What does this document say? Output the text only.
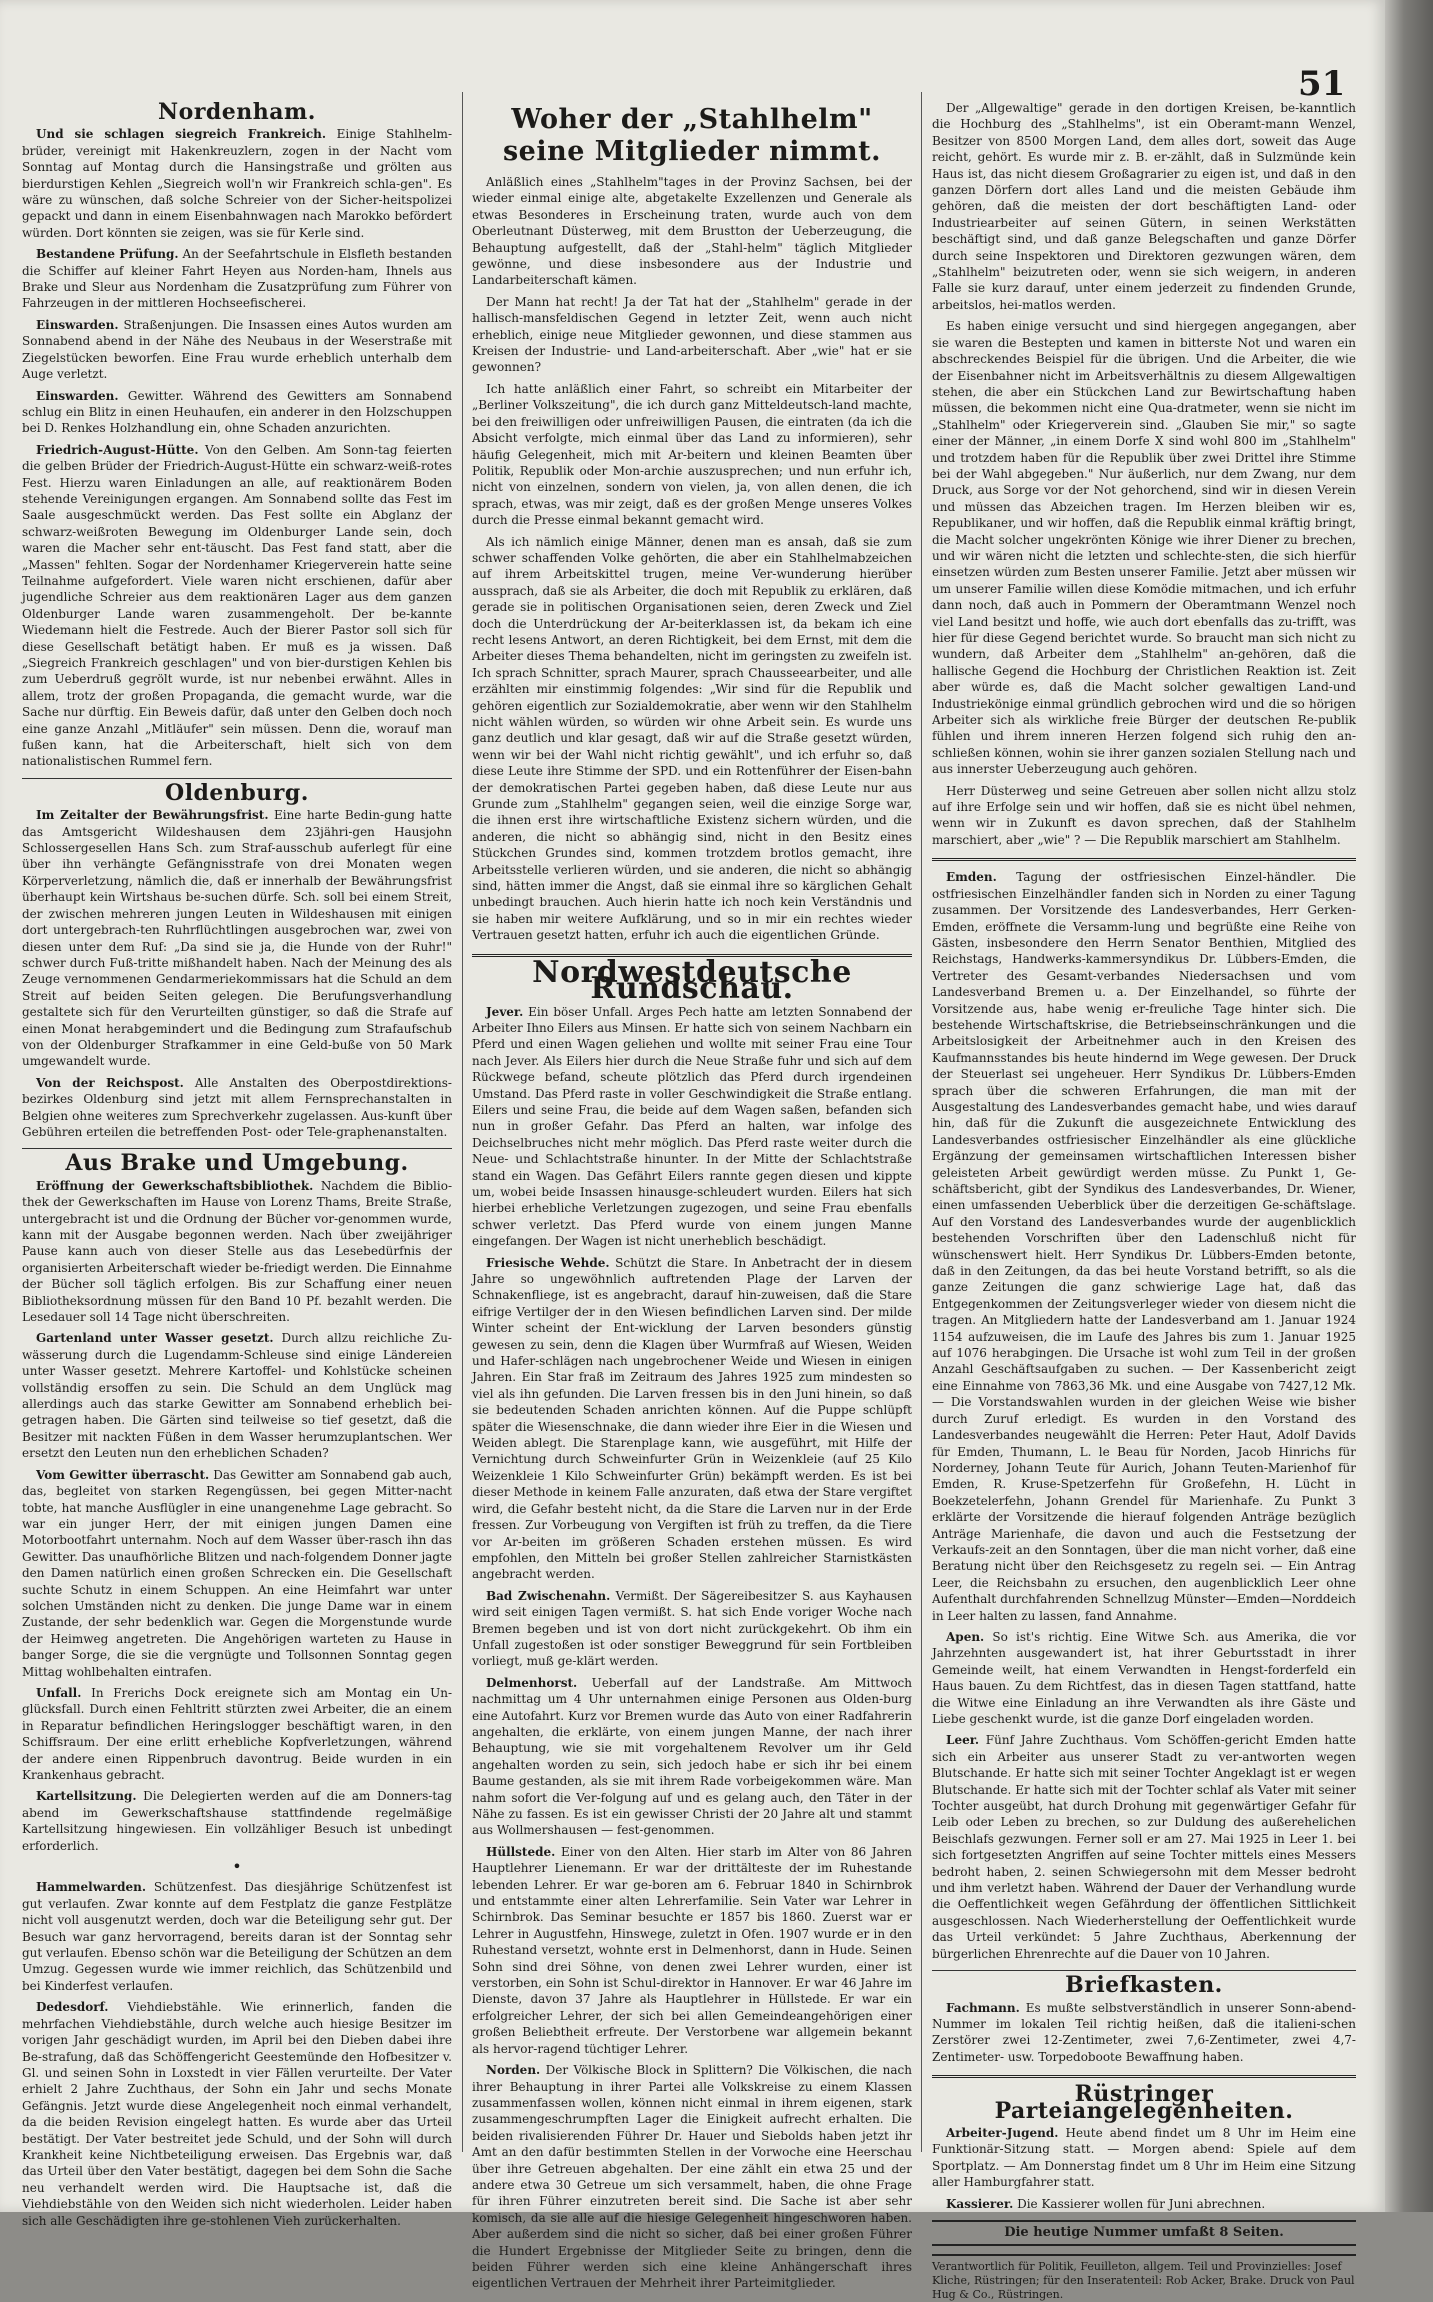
51
Nordenham.

Und sie schlagen siegreich Frankreich. Einige Stahlhelm-brüder, vereinigt mit Hakenkreuzlern, zogen in der Nacht vom Sonntag auf Montag durch die Hansingstraße und grölten aus bierdurstigen Kehlen „Siegreich woll'n wir Frankreich schla-gen". Es wäre zu wünschen, daß solche Schreier von der Sicher-heitspolizei gepackt und dann in einem Eisenbahnwagen nach Marokko befördert würden. Dort könnten sie zeigen, was sie für Kerle sind.

Bestandene Prüfung. An der Seefahrtschule in Elsfleth bestanden die Schiffer auf kleiner Fahrt Heyen aus Norden-ham, Ihnels aus Brake und Sleur aus Nordenham die Zusatzprüfung zum Führer von Fahrzeugen in der mittleren Hochseefischerei.

Einswarden. Straßenjungen. Die Insassen eines Autos wurden am Sonnabend abend in der Nähe des Neubaus in der Weserstraße mit Ziegelstücken beworfen. Eine Frau wurde erheblich unterhalb dem Auge verletzt.

Einswarden. Gewitter. Während des Gewitters am Sonnabend schlug ein Blitz in einen Heuhaufen, ein anderer in den Holzschuppen bei D. Renkes Holzhandlung ein, ohne Schaden anzurichten.

Friedrich-August-Hütte. Von den Gelben. Am Sonn-tag feierten die gelben Brüder der Friedrich-August-Hütte ein schwarz-weiß-rotes Fest. Hierzu waren Einladungen an alle, auf reaktionärem Boden stehende Vereinigungen ergangen. Am Sonnabend sollte das Fest im Saale ausgeschmückt werden. Das Fest sollte ein Abglanz der schwarz-weißroten Bewegung im Oldenburger Lande sein, doch waren die Macher sehr ent-täuscht. Das Fest fand statt, aber die „Massen" fehlten. Sogar der Nordenhamer Kriegerverein hatte seine Teilnahme aufgefordert. Viele waren nicht erschienen, dafür aber jugendliche Schreier aus dem reaktionären Lager aus dem ganzen Oldenburger Lande waren zusammengeholt. Der be-kannte Wiedemann hielt die Festrede. Auch der Bierer Pastor soll sich für diese Gesellschaft betätigt haben. Er muß es ja wissen. Daß „Siegreich Frankreich geschlagen" und von bier-durstigen Kehlen bis zum Ueberdruß gegrölt wurde, ist nur nebenbei erwähnt. Alles in allem, trotz der großen Propaganda, die gemacht wurde, war die Sache nur dürftig. Ein Beweis dafür, daß unter den Gelben doch noch eine ganze Anzahl „Mitläufer" sein müssen. Denn die, worauf man fußen kann, hat die Arbeiterschaft, hielt sich von dem nationalistischen Rummel fern.

Oldenburg.

Im Zeitalter der Bewährungsfrist. Eine harte Bedin-gung hatte das Amtsgericht Wildeshausen dem 23jähri-gen Hausjohn Schlossergesellen Hans Sch. zum Straf-ausschub auferlegt für eine über ihn verhängte Gefängnisstrafe von drei Monaten wegen Körperverletzung, nämlich die, daß er innerhalb der Bewährungsfrist überhaupt kein Wirtshaus be-suchen dürfe. Sch. soll bei einem Streit, der zwischen mehreren jungen Leuten in Wildeshausen mit einigen dort untergebrach-ten Ruhrflüchtlingen ausgebrochen war, zwei von diesen unter dem Ruf: „Da sind sie ja, die Hunde von der Ruhr!" schwer durch Fuß-tritte mißhandelt haben. Nach der Meinung des als Zeuge vernommenen Gendarmeriekommissars hat die Schuld an dem Streit auf beiden Seiten gelegen. Die Berufungsverhandlung gestaltete sich für den Verurteilten günstiger, so daß die Strafe auf einen Monat herabgemindert und die Bedingung zum Strafaufschub von der Oldenburger Strafkammer in eine Geld-buße von 50 Mark umgewandelt wurde.

Von der Reichspost. Alle Anstalten des Oberpostdirektions-bezirkes Oldenburg sind jetzt mit allem Fernsprechanstalten in Belgien ohne weiteres zum Sprechverkehr zugelassen. Aus-kunft über Gebühren erteilen die betreffenden Post- oder Tele-graphenanstalten.

Aus Brake und Umgebung.

Eröffnung der Gewerkschaftsbibliothek. Nachdem die Biblio-thek der Gewerkschaften im Hause von Lorenz Thams, Breite Straße, untergebracht ist und die Ordnung der Bücher vor-genommen wurde, kann mit der Ausgabe begonnen werden. Nach über zweijähriger Pause kann auch von dieser Stelle aus das Lesebedürfnis der organisierten Arbeiterschaft wieder be-friedigt werden. Die Einnahme der Bücher soll täglich erfolgen. Bis zur Schaffung einer neuen Bibliotheksordnung müssen für den Band 10 Pf. bezahlt werden. Die Lesedauer soll 14 Tage nicht überschreiten.

Gartenland unter Wasser gesetzt. Durch allzu reichliche Zu-wässerung durch die Lugendamm-Schleuse sind einige Ländereien unter Wasser gesetzt. Mehrere Kartoffel- und Kohlstücke scheinen vollständig ersoffen zu sein. Die Schuld an dem Unglück mag allerdings auch das starke Gewitter am Sonnabend erheblich bei-getragen haben. Die Gärten sind teilweise so tief gesetzt, daß die Besitzer mit nackten Füßen in dem Wasser herumzuplantschen. Wer ersetzt den Leuten nun den erheblichen Schaden?

Vom Gewitter überrascht. Das Gewitter am Sonnabend gab auch, das, begleitet von starken Regengüssen, bei gegen Mitter-nacht tobte, hat manche Ausflügler in eine unangenehme Lage gebracht. So war ein junger Herr, der mit einigen jungen Damen eine Motorbootfahrt unternahm. Noch auf dem Wasser über-rasch ihn das Gewitter. Das unaufhörliche Blitzen und nach-folgendem Donner jagte den Damen natürlich einen großen Schrecken ein. Die Gesellschaft suchte Schutz in einem Schuppen. An eine Heimfahrt war unter solchen Umständen nicht zu denken. Die junge Dame war in einem Zustande, der sehr bedenklich war. Gegen die Morgenstunde wurde der Heimweg angetreten. Die Angehörigen warteten zu Hause in banger Sorge, die sie die vergnügte und Tollsonnen Sonntag gegen Mittag wohlbehalten eintrafen.

Unfall. In Frerichs Dock ereignete sich am Montag ein Un-glücksfall. Durch einen Fehltritt stürzten zwei Arbeiter, die an einem in Reparatur befindlichen Heringslogger beschäftigt waren, in den Schiffsraum. Der eine erlitt erhebliche Kopfverletzungen, während der andere einen Rippenbruch davontrug. Beide wurden in ein Krankenhaus gebracht.

Kartellsitzung. Die Delegierten werden auf die am Donners-tag abend im Gewerkschaftshause stattfindende regelmäßige Kartellsitzung hingewiesen. Ein vollzähliger Besuch ist unbedingt erforderlich.

•

Hammelwarden. Schützenfest. Das diesjährige Schützenfest ist gut verlaufen. Zwar konnte auf dem Festplatz die ganze Festplätze nicht voll ausgenutzt werden, doch war die Beteiligung sehr gut. Der Besuch war ganz hervorragend, bereits daran ist der Sonntag sehr gut verlaufen. Ebenso schön war die Beteiligung der Schützen an dem Umzug. Gegessen wurde wie immer reichlich, das Schützenbild und bei Kinderfest verlaufen.

Dedesdorf. Viehdiebstähle. Wie erinnerlich, fanden die mehrfachen Viehdiebstähle, durch welche auch hiesige Besitzer im vorigen Jahr geschädigt wurden, im April bei den Dieben dabei ihre Be-strafung, daß das Schöffengericht Geestemünde den Hofbesitzer v. Gl. und seinen Sohn in Loxstedt in vier Fällen verurteilte. Der Vater erhielt 2 Jahre Zuchthaus, der Sohn ein Jahr und sechs Monate Gefängnis. Jetzt wurde diese Angelegenheit noch einmal verhandelt, da die beiden Revision eingelegt hatten. Es wurde aber das Urteil bestätigt. Der Vater bestreitet jede Schuld, und der Sohn will durch Krankheit keine Nichtbeteiligung erweisen. Das Ergebnis war, daß das Urteil über den Vater bestätigt, dagegen bei dem Sohn die Sache neu verhandelt werden wird. Die Hauptsache ist, daß die Viehdiebstähle von den Weiden sich nicht wiederholen. Leider haben sich alle Geschädigten ihre ge-stohlenen Vieh zurückerhalten.

Woher der „Stahlhelm" seine Mitglieder nimmt.

Anläßlich eines „Stahlhelm"tages in der Provinz Sachsen, bei der wieder einmal einige alte, abgetakelte Exzellenzen und Generale als etwas Besonderes in Erscheinung traten, wurde auch von dem Oberleutnant Düsterweg, mit dem Brustton der Ueberzeugung, die Behauptung aufgestellt, daß der „Stahl-helm" täglich Mitglieder gewönne, und diese insbesondere aus der Industrie und Landarbeiterschaft kämen.

Der Mann hat recht! Ja der Tat hat der „Stahlhelm" gerade in der hallisch-mansfeldischen Gegend in letzter Zeit, wenn auch nicht erheblich, einige neue Mitglieder gewonnen, und diese stammen aus Kreisen der Industrie- und Land-arbeiterschaft. Aber „wie" hat er sie gewonnen?

Ich hatte anläßlich einer Fahrt, so schreibt ein Mitarbeiter der „Berliner Volkszeitung", die ich durch ganz Mitteldeutsch-land machte, bei den freiwilligen oder unfreiwilligen Pausen, die eintraten (da ich die Absicht verfolgte, mich einmal über das Land zu informieren), sehr häufig Gelegenheit, mich mit Ar-beitern und kleinen Beamten über Politik, Republik oder Mon-archie auszusprechen; und nun erfuhr ich, nicht von einzelnen, sondern von vielen, ja, von allen denen, die ich sprach, etwas, was mir zeigt, daß es der großen Menge unseres Volkes durch die Presse einmal bekannt gemacht wird.

Als ich nämlich einige Männer, denen man es ansah, daß sie zum schwer schaffenden Volke gehörten, die aber ein Stahlhelmabzeichen auf ihrem Arbeitskittel trugen, meine Ver-wunderung hierüber aussprach, daß sie als Arbeiter, die doch mit Republik zu erklären, daß gerade sie in politischen Organisationen seien, deren Zweck und Ziel doch die Unterdrückung der Ar-beiterklassen ist, da bekam ich eine recht lesens Antwort, an deren Richtigkeit, bei dem Ernst, mit dem die Arbeiter dieses Thema behandelten, nicht im geringsten zu zweifeln ist. Ich sprach Schnitter, sprach Maurer, sprach Chausseearbeiter, und alle erzählten mir einstimmig folgendes: „Wir sind für die Republik und gehören eigentlich zur Sozialdemokratie, aber wenn wir den Stahlhelm nicht wählen würden, so würden wir ohne Arbeit sein. Es wurde uns ganz deutlich und klar gesagt, daß wir auf die Straße gesetzt würden, wenn wir bei der Wahl nicht richtig gewählt", und ich erfuhr so, daß diese Leute ihre Stimme der SPD. und ein Rottenführer der Eisen-bahn der demokratischen Partei gegeben haben, daß diese Leute nur aus Grunde zum „Stahlhelm" gegangen seien, weil die einzige Sorge war, die ihnen erst ihre wirtschaftliche Existenz sichern würden, und die anderen, die nicht so abhängig sind, nicht in den Besitz eines Stückchen Grundes sind, kommen trotzdem brotlos gemacht, ihre Arbeitsstelle verlieren würden, und sie anderen, die nicht so abhängig sind, hätten immer die Angst, daß sie einmal ihre so kärglichen Gehalt unbedingt brauchen. Auch hierin hatte ich noch kein Verständnis und sie haben mir weitere Aufklärung, und so in mir ein rechtes wieder Vertrauen gesetzt hatten, erfuhr ich auch die eigentlichen Gründe.

Nordwestdeutsche Rundschau.

Jever. Ein böser Unfall. Arges Pech hatte am letzten Sonnabend der Arbeiter Ihno Eilers aus Minsen. Er hatte sich von seinem Nachbarn ein Pferd und einen Wagen geliehen und wollte mit seiner Frau eine Tour nach Jever. Als Eilers hier durch die Neue Straße fuhr und sich auf dem Rückwege befand, scheute plötzlich das Pferd durch irgendeinen Umstand. Das Pferd raste in voller Geschwindigkeit die Straße entlang. Eilers und seine Frau, die beide auf dem Wagen saßen, befanden sich nun in großer Gefahr. Das Pferd an halten, war infolge des Deichselbruches nicht mehr möglich. Das Pferd raste weiter durch die Neue- und Schlachtstraße hinunter. In der Mitte der Schlachtstraße stand ein Wagen. Das Gefährt Eilers rannte gegen diesen und kippte um, wobei beide Insassen hinausge-schleudert wurden. Eilers hat sich hierbei erhebliche Verletzungen zugezogen, und seine Frau ebenfalls schwer verletzt. Das Pferd wurde von einem jungen Manne eingefangen. Der Wagen ist nicht unerheblich beschädigt.

Friesische Wehde. Schützt die Stare. In Anbetracht der in diesem Jahre so ungewöhnlich auftretenden Plage der Larven der Schnakenfliege, ist es angebracht, darauf hin-zuweisen, daß die Stare eifrige Vertilger der in den Wiesen befindlichen Larven sind. Der milde Winter scheint der Ent-wicklung der Larven besonders günstig gewesen zu sein, denn die Klagen über Wurmfraß auf Wiesen, Weiden und Hafer-schlägen nach ungebrochener Weide und Wiesen in einigen Jahren. Ein Star fraß im Zeitraum des Jahres 1925 zum mindesten so viel als ihn gefunden. Die Larven fressen bis in den Juni hinein, so daß sie bedeutenden Schaden anrichten können. Auf die Puppe schlüpft später die Wiesenschnake, die dann wieder ihre Eier in die Wiesen und Weiden ablegt. Die Starenplage kann, wie ausgeführt, mit Hilfe der Vernichtung durch Schweinfurter Grün in Weizenkleie (auf 25 Kilo Weizenkleie 1 Kilo Schweinfurter Grün) bekämpft werden. Es ist bei dieser Methode in keinem Falle anzuraten, daß etwa der Stare vergiftet wird, die Gefahr besteht nicht, da die Stare die Larven nur in der Erde fressen. Zur Vorbeugung von Vergiften ist früh zu treffen, da die Tiere vor Ar-beiten im größeren Schaden erstehen müssen. Es wird empfohlen, den Mitteln bei großer Stellen zahlreicher Starnistkästen angebracht werden.

Bad Zwischenahn. Vermißt. Der Sägereibesitzer S. aus Kayhausen wird seit einigen Tagen vermißt. S. hat sich Ende voriger Woche nach Bremen begeben und ist von dort nicht zurückgekehrt. Ob ihm ein Unfall zugestoßen ist oder sonstiger Beweggrund für sein Fortbleiben vorliegt, muß ge-klärt werden.

Delmenhorst. Ueberfall auf der Landstraße. Am Mittwoch nachmittag um 4 Uhr unternahmen einige Personen aus Olden-burg eine Autofahrt. Kurz vor Bremen wurde das Auto von einer Radfahrerin angehalten, die erklärte, von einem jungen Manne, der nach ihrer Behauptung, wie sie mit vorgehaltenem Revolver um ihr Geld angehalten worden zu sein, sich jedoch habe er sich ihr bei einem Baume gestanden, als sie mit ihrem Rade vorbeigekommen wäre. Man nahm sofort die Ver-folgung auf und es gelang auch, den Täter in der Nähe zu fassen. Es ist ein gewisser Christi der 20 Jahre alt und stammt aus Wollmershausen — fest-genommen.

Hüllstede. Einer von den Alten. Hier starb im Alter von 86 Jahren Hauptlehrer Lienemann. Er war der drittälteste der im Ruhestande lebenden Lehrer. Er war ge-boren am 6. Februar 1840 in Schirnbrok und entstammte einer alten Lehrerfamilie. Sein Vater war Lehrer in Schirnbrok. Das Seminar besuchte er 1857 bis 1860. Zuerst war er Lehrer in Augustfehn, Hinswege, zuletzt in Ofen. 1907 wurde er in den Ruhestand versetzt, wohnte erst in Delmenhorst, dann in Hude. Seinen Sohn sind drei Söhne, von denen zwei Lehrer wurden, einer ist verstorben, ein Sohn ist Schul-direktor in Hannover. Er war 46 Jahre im Dienste, davon 37 Jahre als Hauptlehrer in Hüllstede. Er war ein erfolgreicher Lehrer, der sich bei allen Gemeindeangehörigen einer großen Beliebtheit erfreute. Der Verstorbene war allgemein bekannt als hervor-ragend tüchtiger Lehrer.

Norden. Der Völkische Block in Splittern? Die Völkischen, die nach ihrer Behauptung in ihrer Partei alle Volkskreise zu einem Klassen zusammenfassen wollen, können nicht einmal in ihrem eigenen, stark zusammengeschrumpften Lager die Einigkeit aufrecht erhalten. Die beiden rivalisierenden Führer Dr. Hauer und Siebolds haben jetzt ihr Amt an den dafür bestimmten Stellen in der Vorwoche eine Heerschau über ihre Getreuen abgehalten. Der eine zählt ein etwa 25 und der andere etwa 30 Getreue um sich versammelt, haben, die ohne Frage für ihren Führer einzutreten bereit sind. Die Sache ist aber sehr komisch, da sie alle auf die hiesige Gelegenheit hingeschworen haben. Aber außerdem sind die nicht so sicher, daß bei einer großen Führer die Hundert Ergebnisse der Mitglieder Seite zu bringen, denn die beiden Führer werden sich eine kleine Anhängerschaft ihres eigentlichen Vertrauen der Mehrheit ihrer Parteimitglieder.

Der „Allgewaltige" gerade in den dortigen Kreisen, be-kanntlich die Hochburg des „Stahlhelms", ist ein Oberamt-mann Wenzel, Besitzer von 8500 Morgen Land, dem alles dort, soweit das Auge reicht, gehört. Es wurde mir z. B. er-zählt, daß in Sulzmünde kein Haus ist, das nicht diesem Großagrarier zu eigen ist, und daß in den ganzen Dörfern dort alles Land und die meisten Gebäude ihm gehören, daß die meisten der dort beschäftigten Land- oder Industriearbeiter auf seinen Gütern, in seinen Werkstätten beschäftigt sind, und daß ganze Belegschaften und ganze Dörfer durch seine Inspektoren und Direktoren gezwungen wären, dem „Stahlhelm" beizutreten oder, wenn sie sich weigern, in anderen Falle sie kurz darauf, unter einem jederzeit zu findenden Grunde, arbeitslos, hei-matlos werden.

Es haben einige versucht und sind hiergegen angegangen, aber sie waren die Bestepten und kamen in bitterste Not und waren ein abschreckendes Beispiel für die übrigen. Und die Arbeiter, die wie der Eisenbahner nicht im Arbeitsverhältnis zu diesem Allgewaltigen stehen, die aber ein Stückchen Land zur Bewirtschaftung haben müssen, die bekommen nicht eine Qua-dratmeter, wenn sie nicht im „Stahlhelm" oder Kriegerverein sind. „Glauben Sie mir," so sagte einer der Männer, „in einem Dorfe X sind wohl 800 im „Stahlhelm" und trotzdem haben für die Republik über zwei Drittel ihre Stimme bei der Wahl abgegeben." Nur äußerlich, nur dem Zwang, nur dem Druck, aus Sorge vor der Not gehorchend, sind wir in diesen Verein und müssen das Abzeichen tragen. Im Herzen bleiben wir es, Republikaner, und wir hoffen, daß die Republik einmal kräftig bringt, die Macht solcher ungekrönten Könige wie ihrer Diener zu brechen, und wir wären nicht die letzten und schlechte-sten, die sich hierfür einsetzen würden zum Besten unserer Familie. Jetzt aber müssen wir um unserer Familie willen diese Komödie mitmachen, und ich erfuhr dann noch, daß auch in Pommern der Oberamtmann Wenzel noch viel Land besitzt und hoffe, wie auch dort ebenfalls das zu-trifft, was hier für diese Gegend berichtet wurde. So braucht man sich nicht zu wundern, daß Arbeiter dem „Stahlhelm" an-gehören, daß die hallische Gegend die Hochburg der Christlichen Reaktion ist. Zeit aber würde es, daß die Macht solcher gewaltigen Land-und Industriekönige einmal gründlich gebrochen wird und die so hörigen Arbeiter sich als wirkliche freie Bürger der deutschen Re-publik fühlen und ihrem inneren Herzen folgend sich ruhig den an-schließen können, wohin sie ihrer ganzen sozialen Stellung nach und aus innerster Ueberzeugung auch gehören.

Herr Düsterweg und seine Getreuen aber sollen nicht allzu stolz auf ihre Erfolge sein und wir hoffen, daß sie es nicht übel nehmen, wenn wir in Zukunft es davon sprechen, daß der Stahlhelm marschiert, aber „wie" ? — Die Republik marschiert am Stahlhelm.

Emden. Tagung der ostfriesischen Einzel-händler. Die ostfriesischen Einzelhändler fanden sich in Norden zu einer Tagung zusammen. Der Vorsitzende des Landesverbandes, Herr Gerken-Emden, eröffnete die Versamm-lung und begrüßte eine Reihe von Gästen, insbesondere den Herrn Senator Benthien, Mitglied des Reichstags, Handwerks-kammersyndikus Dr. Lübbers-Emden, die Vertreter des Gesamt-verbandes Niedersachsen und vom Landesverband Bremen u. a. Der Einzelhandel, so führte der Vorsitzende aus, habe wenig er-freuliche Tage hinter sich. Die bestehende Wirtschaftskrise, die Betriebseinschränkungen und die Arbeitslosigkeit der Arbeitnehmer auch in den Kreisen des Kaufmannsstandes bis heute hindernd im Wege gewesen. Der Druck der Steuerlast sei ungeheuer. Herr Syndikus Dr. Lübbers-Emden sprach über die schweren Erfahrungen, die man mit der Ausgestaltung des Landesverbandes gemacht habe, und wies darauf hin, daß für die Zukunft die ausgezeichnete Entwicklung des Landesverbandes ostfriesischer Einzelhändler als eine glückliche Ergänzung der gemeinsamen wirtschaftlichen Interessen bisher geleisteten Arbeit gewürdigt werden müsse. Zu Punkt 1, Ge-schäftsbericht, gibt der Syndikus des Landesverbandes, Dr. Wiener, einen umfassenden Ueberblick über die derzeitigen Ge-schäftslage. Auf den Vorstand des Landesverbandes wurde der augenblicklich bestehenden Vorschriften über den Ladenschluß nicht für wünschenswert hielt. Herr Syndikus Dr. Lübbers-Emden betonte, daß in den Zeitungen, da das bei heute Vorstand betrifft, so als die ganze Zeitungen die ganz schwierige Lage hat, daß das Entgegenkommen der Zeitungsverleger wieder von diesem nicht die tragen. An Mitgliedern hatte der Landesverband am 1. Januar 1924 1154 aufzuweisen, die im Laufe des Jahres bis zum 1. Januar 1925 auf 1076 herabgingen. Die Ursache ist wohl zum Teil in der großen Anzahl Geschäftsaufgaben zu suchen. — Der Kassenbericht zeigt eine Einnahme von 7863,36 Mk. und eine Ausgabe von 7427,12 Mk. — Die Vorstandswahlen wurden in der gleichen Weise wie bisher durch Zuruf erledigt. Es wurden in den Vorstand des Landesverbandes neugewählt die Herren: Peter Haut, Adolf Davids für Emden, Thumann, L. le Beau für Norden, Jacob Hinrichs für Norderney, Johann Teute für Aurich, Johann Teuten-Marienhof für Emden, R. Kruse-Spetzerfehn für Großefehn, H. Lücht in Boekzetelerfehn, Johann Grendel für Marienhafe. Zu Punkt 3 erklärte der Vorsitzende die hierauf folgenden Anträge bezüglich Anträge Marienhafe, die davon und auch die Festsetzung der Verkaufs-zeit an den Sonntagen, über die man nicht vorher, daß eine Beratung nicht über den Reichsgesetz zu regeln sei. — Ein Antrag Leer, die Reichsbahn zu ersuchen, den augenblicklich Leer ohne Aufenthalt durchfahrenden Schnellzug Münster—Emden—Norddeich in Leer halten zu lassen, fand Annahme.

Apen. So ist's richtig. Eine Witwe Sch. aus Amerika, die vor Jahrzehnten ausgewandert ist, hat ihrer Geburtsstadt in ihrer Gemeinde weilt, hat einem Verwandten in Hengst-forderfeld ein Haus bauen. Zu dem Richtfest, das in diesen Tagen stattfand, hatte die Witwe eine Einladung an ihre Verwandten als ihre Gäste und Liebe geschenkt wurde, ist die ganze Dorf eingeladen worden.

Leer. Fünf Jahre Zuchthaus. Vom Schöffen-gericht Emden hatte sich ein Arbeiter aus unserer Stadt zu ver-antworten wegen Blutschande. Er hatte sich mit seiner Tochter Angeklagt ist er wegen Blutschande. Er hatte sich mit der Tochter schlaf als Vater mit seiner Tochter ausgeübt, hat durch Drohung mit gegenwärtiger Gefahr für Leib oder Leben zu brechen, so zur Duldung des außerehelichen Beischlafs gezwungen. Ferner soll er am 27. Mai 1925 in Leer 1. bei sich fortgesetzten Angriffen auf seine Tochter mittels eines Messers bedroht haben, 2. seinen Schwiegersohn mit dem Messer bedroht und ihm verletzt haben. Während der Dauer der Verhandlung wurde die Oeffentlichkeit wegen Gefährdung der öffentlichen Sittlichkeit ausgeschlossen. Nach Wiederherstellung der Oeffentlichkeit wurde das Urteil verkündet: 5 Jahre Zuchthaus, Aberkennung der bürgerlichen Ehrenrechte auf die Dauer von 10 Jahren.

Briefkasten.

Fachmann. Es mußte selbstverständlich in unserer Sonn-abend-Nummer im lokalen Teil richtig heißen, daß die italieni-schen Zerstörer zwei 12-Zentimeter, zwei 7,6-Zentimeter, zwei 4,7-Zentimeter- usw. Torpedoboote Bewaffnung haben.

Rüstringer Parteiangelegenheiten.

Arbeiter-Jugend. Heute abend findet um 8 Uhr im Heim eine Funktionär-Sitzung statt. — Morgen abend: Spiele auf dem Sportplatz. — Am Donnerstag findet um 8 Uhr im Heim eine Sitzung aller Hamburgfahrer statt.

Kassierer. Die Kassierer wollen für Juni abrechnen.

Die heutige Nummer umfaßt 8 Seiten.
Verantwortlich für Politik, Feuilleton, allgem. Teil und Provinzielles: Josef Kliche, Rüstringen; für den Inseratenteil: Rob Acker, Brake. Druck von Paul Hug & Co., Rüstringen.
